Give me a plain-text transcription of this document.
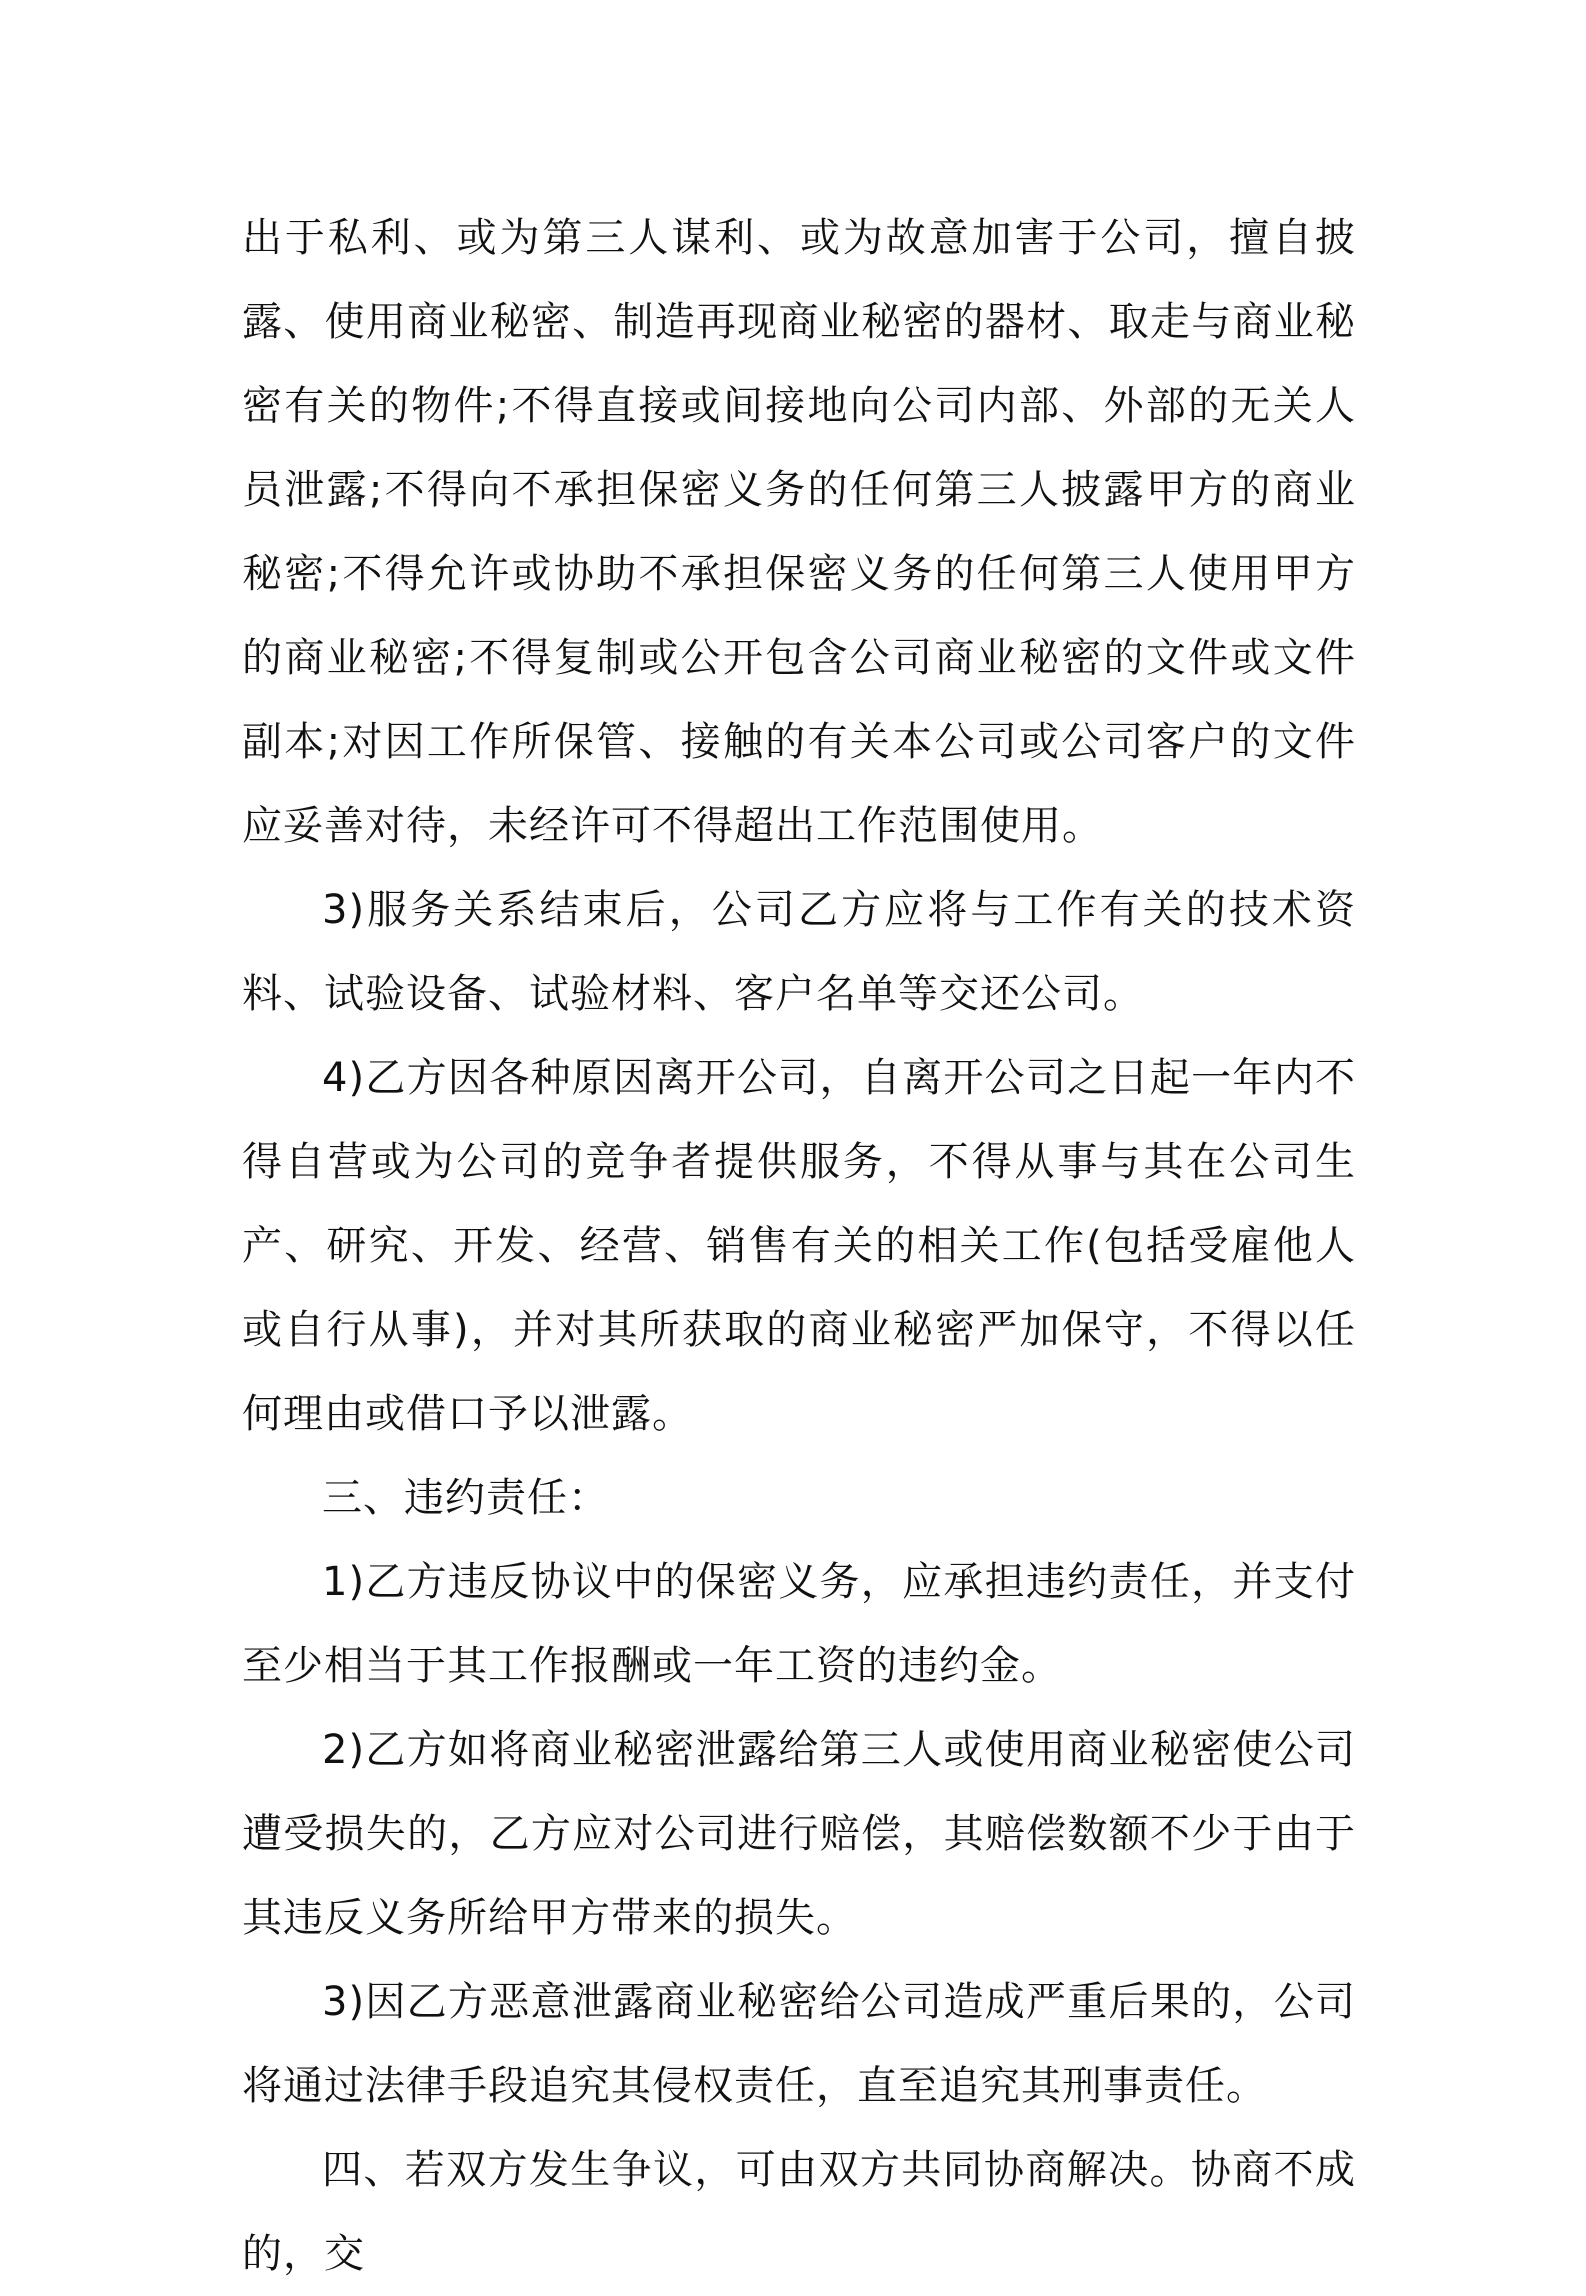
出于私利、或为第三人谋利、或为故意加害于公司，擅自披露、使用商业秘密、制造再现商业秘密的器材、取走与商业秘密有关的物件;不得直接或间接地向公司内部、外部的无关人员泄露;不得向不承担保密义务的任何第三人披露甲方的商业秘密;不得允许或协助不承担保密义务的任何第三人使用甲方的商业秘密;不得复制或公开包含公司商业秘密的文件或文件副本;对因工作所保管、接触的有关本公司或公司客户的文件应妥善对待，未经许可不得超出工作范围使用。

3)服务关系结束后，公司乙方应将与工作有关的技术资料、试验设备、试验材料、客户名单等交还公司。

4)乙方因各种原因离开公司，自离开公司之日起一年内不得自营或为公司的竞争者提供服务，不得从事与其在公司生产、研究、开发、经营、销售有关的相关工作(包括受雇他人或自行从事)，并对其所获取的商业秘密严加保守，不得以任何理由或借口予以泄露。

三、违约责任：

1)乙方违反协议中的保密义务，应承担违约责任，并支付至少相当于其工作报酬或一年工资的违约金。

2)乙方如将商业秘密泄露给第三人或使用商业秘密使公司遭受损失的，乙方应对公司进行赔偿，其赔偿数额不少于由于其违反义务所给甲方带来的损失。

3)因乙方恶意泄露商业秘密给公司造成严重后果的，公司将通过法律手段追究其侵权责任，直至追究其刑事责任。

四、若双方发生争议，可由双方共同协商解决。协商不成的，交
